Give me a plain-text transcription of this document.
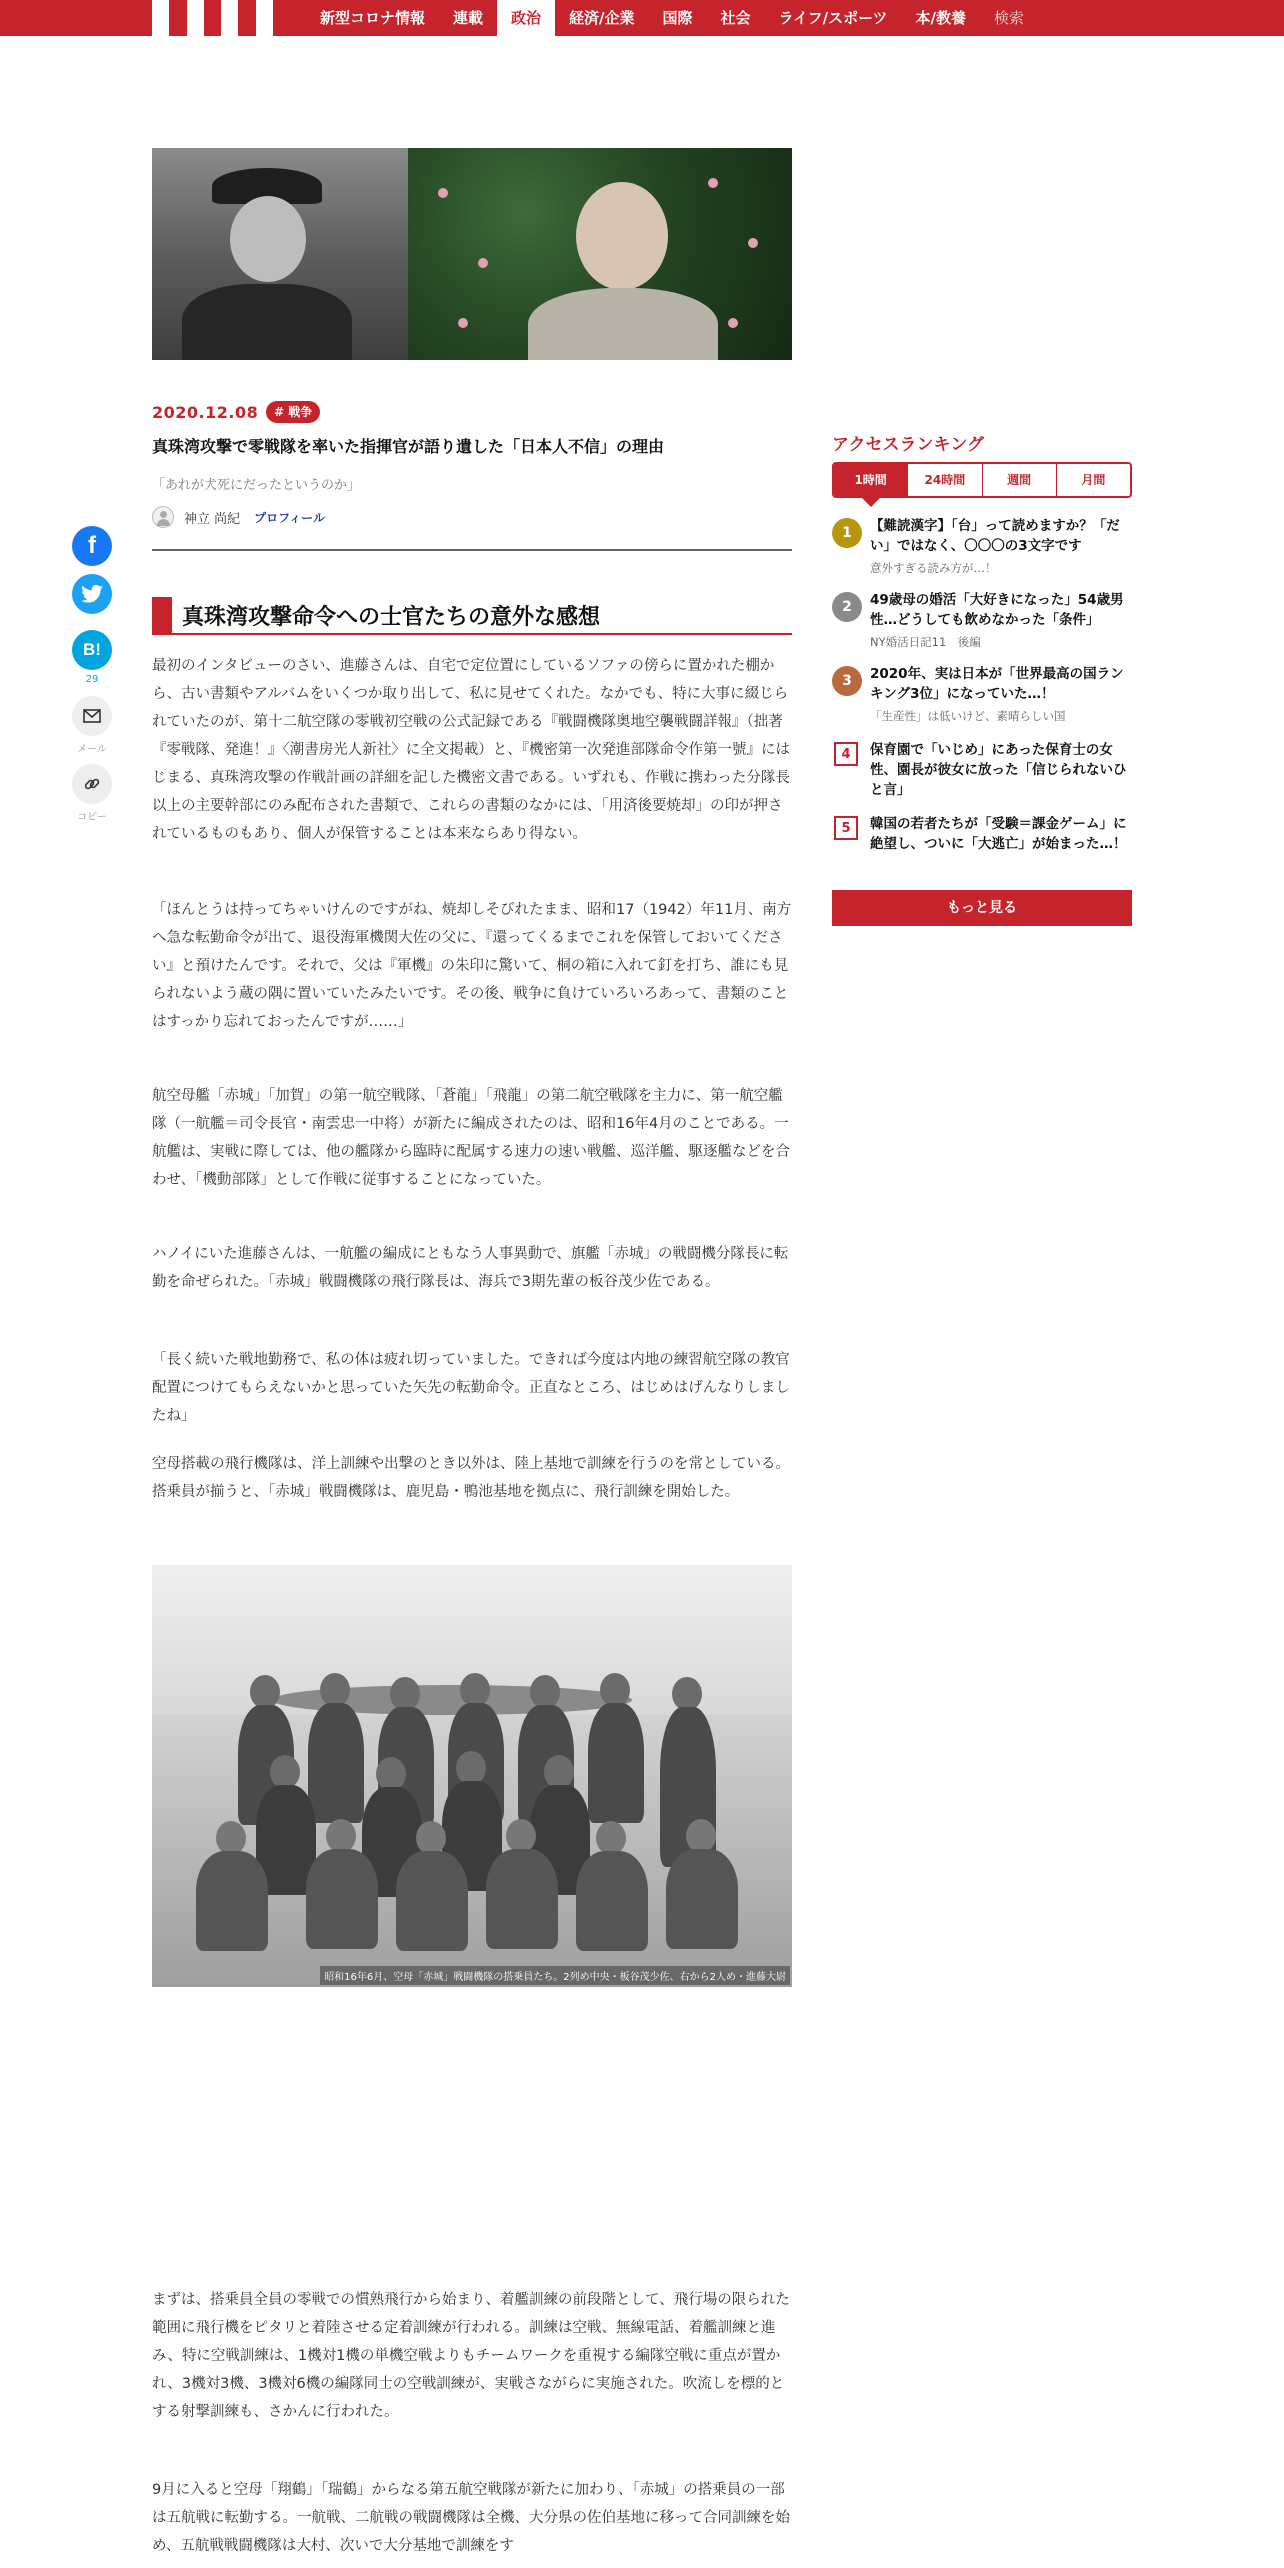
新型コロナ情報	連載	政治	経済/企業	国際	社会	ライフ/スポーツ	本/教養	検索
2020.12.08	# 戦争
真珠湾攻撃で零戦隊を率いた指揮官が語り遺した「日本人不信」の理由
「あれが犬死にだったというのか」
神立 尚紀 プロフィール
f
B!
29
メール
コピー
真珠湾攻撃命令への士官たちの意外な感想

最初のインタビューのさい、進藤さんは、自宅で定位置にしているソファの傍らに置かれた棚から、古い書類やアルバムをいくつか取り出して、私に見せてくれた。なかでも、特に大事に綴じられていたのが、第十二航空隊の零戦初空戦の公式記録である『戦闘機隊奥地空襲戦闘詳報』（拙著『零戦隊、発進！』〈潮書房光人新社〉に全文掲載）と、『機密第一次発進部隊命令作第一號』にはじまる、真珠湾攻撃の作戦計画の詳細を記した機密文書である。いずれも、作戦に携わった分隊長以上の主要幹部にのみ配布された書類で、これらの書類のなかには、「用済後要焼却」の印が押されているものもあり、個人が保管することは本来ならあり得ない。

「ほんとうは持ってちゃいけんのですがね、焼却しそびれたまま、昭和17（1942）年11月、南方へ急な転勤命令が出て、退役海軍機関大佐の父に、『還ってくるまでこれを保管しておいてください』と預けたんです。それで、父は『軍機』の朱印に驚いて、桐の箱に入れて釘を打ち、誰にも見られないよう蔵の隅に置いていたみたいです。その後、戦争に負けていろいろあって、書類のことはすっかり忘れておったんですが……」

航空母艦「赤城」「加賀」の第一航空戦隊、「蒼龍」「飛龍」の第二航空戦隊を主力に、第一航空艦隊（一航艦＝司令長官・南雲忠一中将）が新たに編成されたのは、昭和16年4月のことである。一航艦は、実戦に際しては、他の艦隊から臨時に配属する速力の速い戦艦、巡洋艦、駆逐艦などを合わせ、「機動部隊」として作戦に従事することになっていた。

ハノイにいた進藤さんは、一航艦の編成にともなう人事異動で、旗艦「赤城」の戦闘機分隊長に転勤を命ぜられた。「赤城」戦闘機隊の飛行隊長は、海兵で3期先輩の板谷茂少佐である。

「長く続いた戦地勤務で、私の体は疲れ切っていました。できれば今度は内地の練習航空隊の教官配置につけてもらえないかと思っていた矢先の転勤命令。正直なところ、はじめはげんなりしましたね」

空母搭載の飛行機隊は、洋上訓練や出撃のとき以外は、陸上基地で訓練を行うのを常としている。搭乗員が揃うと、「赤城」戦闘機隊は、鹿児島・鴨池基地を拠点に、飛行訓練を開始した。

昭和16年6月、空母「赤城」戦闘機隊の搭乗員たち。2列め中央・板谷茂少佐、右から2人め・進藤大尉

まずは、搭乗員全員の零戦での慣熟飛行から始まり、着艦訓練の前段階として、飛行場の限られた範囲に飛行機をピタリと着陸させる定着訓練が行われる。訓練は空戦、無線電話、着艦訓練と進み、特に空戦訓練は、1機対1機の単機空戦よりもチームワークを重視する編隊空戦に重点が置かれ、3機対3機、3機対6機の編隊同士の空戦訓練が、実戦さながらに実施された。吹流しを標的とする射撃訓練も、さかんに行われた。

9月に入ると空母「翔鶴」「瑞鶴」からなる第五航空戦隊が新たに加わり、「赤城」の搭乗員の一部は五航戦に転勤する。一航戦、二航戦の戦闘機隊は全機、大分県の佐伯基地に移って合同訓練を始め、五航戦戦闘機隊は大村、次いで大分基地で訓練をす

アクセスランキング
1時間	24時間	週間	月間
1	【難読漢字】「台」って読めますか？「だい」ではなく、〇〇〇の3文字です
意外すぎる読み方が…！
2	49歳母の婚活「大好きになった」54歳男性…どうしても飲めなかった「条件」
NY婚活日記11　後編
3	2020年、実は日本が「世界最高の国ランキング3位」になっていた…！
「生産性」は低いけど、素晴らしい国
4	保育園で「いじめ」にあった保育士の女性、園長が彼女に放った「信じられないひと言」
5	韓国の若者たちが「受験＝課金ゲーム」に絶望し、ついに「大逃亡」が始まった…！
もっと見る
